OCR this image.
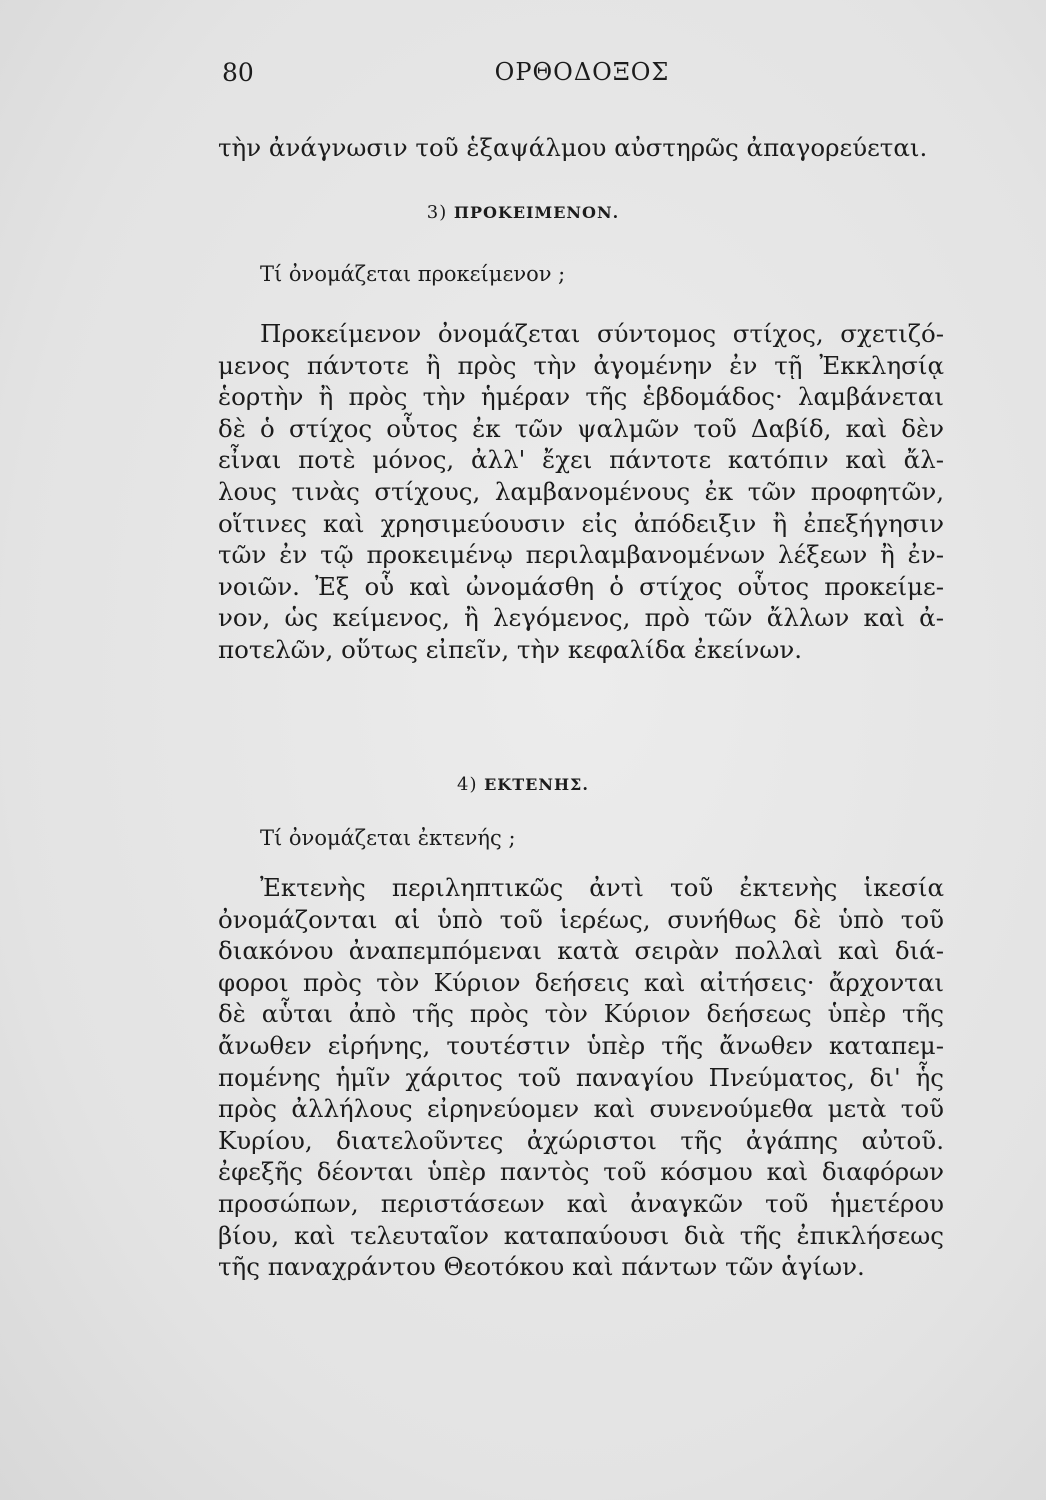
80	ΟΡΘΟΔΟΞΟΣ
τὴν ἀνάγνωσιν τοῦ ἑξαψάλμου αὐστηρῶς ἀπαγορεύεται.
3) ΠΡΟΚΕΙΜΕΝΟΝ.
Τί ὀνομάζεται προκείμενον ;
Προκείμενον ὀνομάζεται σύντομος στίχος, σχετιζό-
μενος πάντοτε ἢ πρὸς τὴν ἀγομένην ἐν τῇ Ἐκκλησίᾳ
ἑορτὴν ἢ πρὸς τὴν ἡμέραν τῆς ἑβδομάδος· λαμβάνεται
δὲ ὁ στίχος οὗτος ἐκ τῶν ψαλμῶν τοῦ Δαβίδ, καὶ δὲν
εἶναι ποτὲ μόνος, ἀλλ' ἔχει πάντοτε κατόπιν καὶ ἄλ-
λους τινὰς στίχους, λαμβανομένους ἐκ τῶν προφητῶν,
οἵτινες καὶ χρησιμεύουσιν εἰς ἀπόδειξιν ἢ ἐπεξήγησιν
τῶν ἐν τῷ προκειμένῳ περιλαμβανομένων λέξεων ἢ ἐν-
νοιῶν. Ἐξ οὗ καὶ ὠνομάσθη ὁ στίχος οὗτος προκείμε-
νον, ὡς κείμενος, ἢ λεγόμενος, πρὸ τῶν ἄλλων καὶ ἀ-
ποτελῶν, οὕτως εἰπεῖν, τὴν κεφαλίδα ἐκείνων.
4) ΕΚΤΕΝΗΣ.
Τί ὀνομάζεται ἐκτενής ;
Ἐκτενὴς περιληπτικῶς ἀντὶ τοῦ ἐκτενὴς ἱκεσία
ὀνομάζονται αἱ ὑπὸ τοῦ ἱερέως, συνήθως δὲ ὑπὸ τοῦ
διακόνου ἀναπεμπόμεναι κατὰ σειρὰν πολλαὶ καὶ διά-
φοροι πρὸς τὸν Κύριον δεήσεις καὶ αἰτήσεις· ἄρχονται
δὲ αὗται ἀπὸ τῆς πρὸς τὸν Κύριον δεήσεως ὑπὲρ τῆς
ἄνωθεν εἰρήνης, τουτέστιν ὑπὲρ τῆς ἄνωθεν καταπεμ-
πομένης ἡμῖν χάριτος τοῦ παναγίου Πνεύματος, δι' ἧς
πρὸς ἀλλήλους εἰρηνεύομεν καὶ συνενούμεθα μετὰ τοῦ
Κυρίου, διατελοῦντες ἀχώριστοι τῆς ἀγάπης αὐτοῦ.
ἐφεξῆς δέονται ὑπὲρ παντὸς τοῦ κόσμου καὶ διαφόρων
προσώπων, περιστάσεων καὶ ἀναγκῶν τοῦ ἡμετέρου
βίου, καὶ τελευταῖον καταπαύουσι διὰ τῆς ἐπικλήσεως
τῆς παναχράντου Θεοτόκου καὶ πάντων τῶν ἁγίων.
